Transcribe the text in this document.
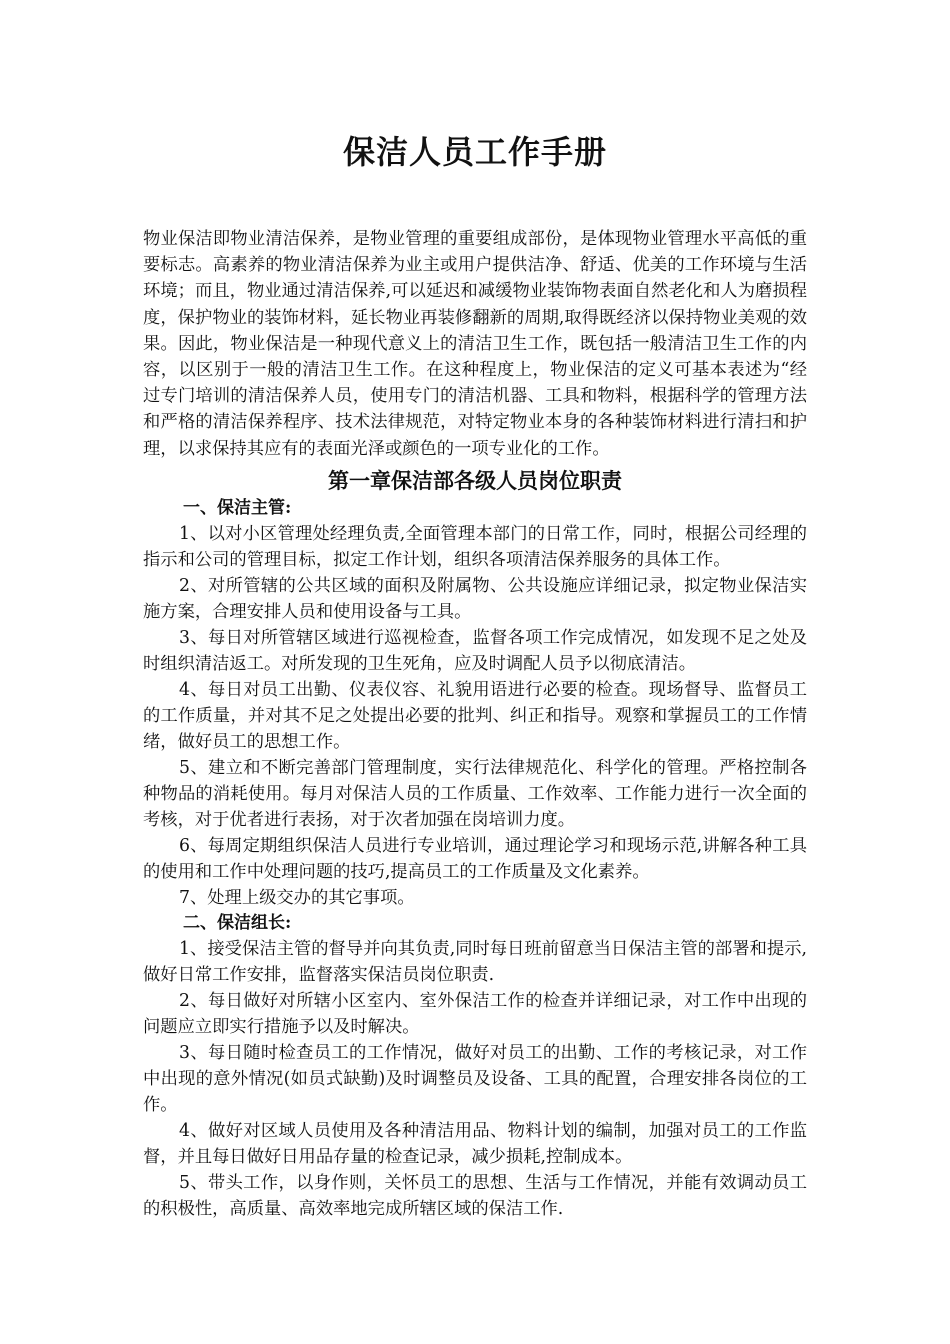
保洁人员工作手册

物业保洁即物业清洁保养，是物业管理的重要组成部份，是体现物业管理水平高低的重要标志。高素养的物业清洁保养为业主或用户提供洁净、舒适、优美的工作环境与生活环境；而且，物业通过清洁保养,可以延迟和减缓物业装饰物表面自然老化和人为磨损程度，保护物业的装饰材料，延长物业再装修翻新的周期,取得既经济以保持物业美观的效果。因此，物业保洁是一种现代意义上的清洁卫生工作，既包括一般清洁卫生工作的内容，以区别于一般的清洁卫生工作。在这种程度上，物业保洁的定义可基本表述为“经过专门培训的清洁保养人员，使用专门的清洁机器、工具和物料，根据科学的管理方法和严格的清洁保养程序、技术法律规范，对特定物业本身的各种装饰材料进行清扫和护理，以求保持其应有的表面光泽或颜色的一项专业化的工作。

第一章保洁部各级人员岗位职责

一、保洁主管:

1、以对小区管理处经理负责,全面管理本部门的日常工作，同时，根据公司经理的指示和公司的管理目标，拟定工作计划，组织各项清洁保养服务的具体工作。

2、对所管辖的公共区域的面积及附属物、公共设施应详细记录，拟定物业保洁实施方案，合理安排人员和使用设备与工具。

3、每日对所管辖区域进行巡视检查，监督各项工作完成情况，如发现不足之处及时组织清洁返工。对所发现的卫生死角，应及时调配人员予以彻底清洁。

4、每日对员工出勤、仪表仪容、礼貌用语进行必要的检查。现场督导、监督员工的工作质量，并对其不足之处提出必要的批判、纠正和指导。观察和掌握员工的工作情绪，做好员工的思想工作。

5、建立和不断完善部门管理制度，实行法律规范化、科学化的管理。严格控制各种物品的消耗使用。每月对保洁人员的工作质量、工作效率、工作能力进行一次全面的考核，对于优者进行表扬，对于次者加强在岗培训力度。

6、每周定期组织保洁人员进行专业培训，通过理论学习和现场示范,讲解各种工具的使用和工作中处理问题的技巧,提高员工的工作质量及文化素养。

7、处理上级交办的其它事项。

二、保洁组长:

1、接受保洁主管的督导并向其负责,同时每日班前留意当日保洁主管的部署和提示,做好日常工作安排，监督落实保洁员岗位职责.

2、每日做好对所辖小区室内、室外保洁工作的检查并详细记录，对工作中出现的问题应立即实行措施予以及时解决。

3、每日随时检查员工的工作情况，做好对员工的出勤、工作的考核记录，对工作中出现的意外情况(如员式缺勤)及时调整员及设备、工具的配置，合理安排各岗位的工作。

4、做好对区域人员使用及各种清洁用品、物料计划的编制，加强对员工的工作监督，并且每日做好日用品存量的检查记录，减少损耗,控制成本。

5、带头工作，以身作则，关怀员工的思想、生活与工作情况，并能有效调动员工的积极性，高质量、高效率地完成所辖区域的保洁工作.
